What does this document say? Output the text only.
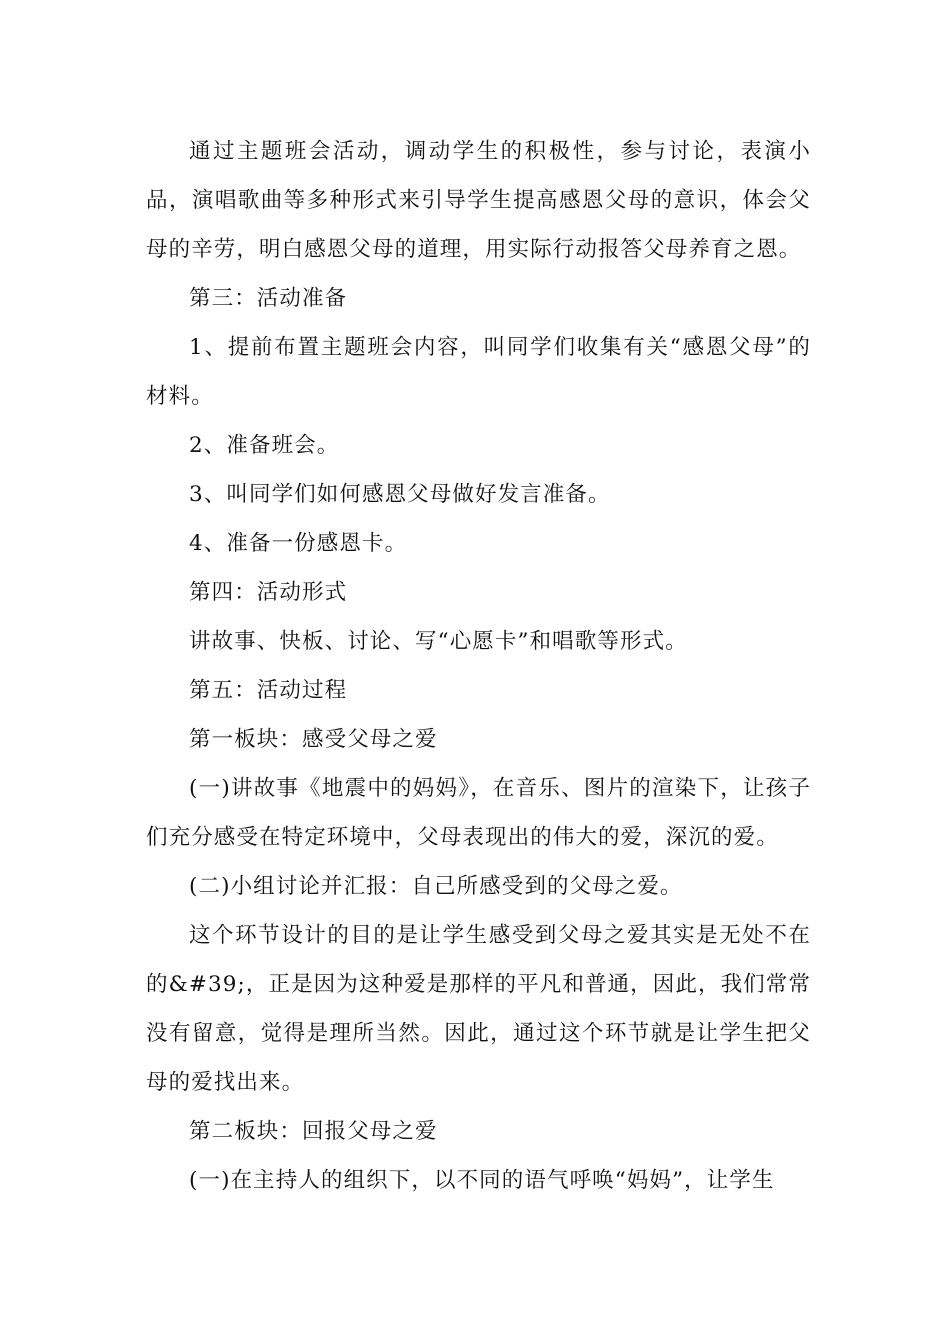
通过主题班会活动，调动学生的积极性，参与讨论，表演小品，演唱歌曲等多种形式来引导学生提高感恩父母的意识，体会父母的辛劳，明白感恩父母的道理，用实际行动报答父母养育之恩。

第三：活动准备

1、提前布置主题班会内容，叫同学们收集有关“感恩父母”的材料。

2、准备班会。

3、叫同学们如何感恩父母做好发言准备。

4、准备一份感恩卡。

第四：活动形式

讲故事、快板、讨论、写“心愿卡”和唱歌等形式。

第五：活动过程

第一板块：感受父母之爱

(一)讲故事《地震中的妈妈》，在音乐、图片的渲染下，让孩子们充分感受在特定环境中，父母表现出的伟大的爱，深沉的爱。

(二)小组讨论并汇报：自己所感受到的父母之爱。

这个环节设计的目的是让学生感受到父母之爱其实是无处不在的&#39;，正是因为这种爱是那样的平凡和普通，因此，我们常常没有留意，觉得是理所当然。因此，通过这个环节就是让学生把父母的爱找出来。

第二板块：回报父母之爱

(一)在主持人的组织下，以不同的语气呼唤“妈妈”，让学生
